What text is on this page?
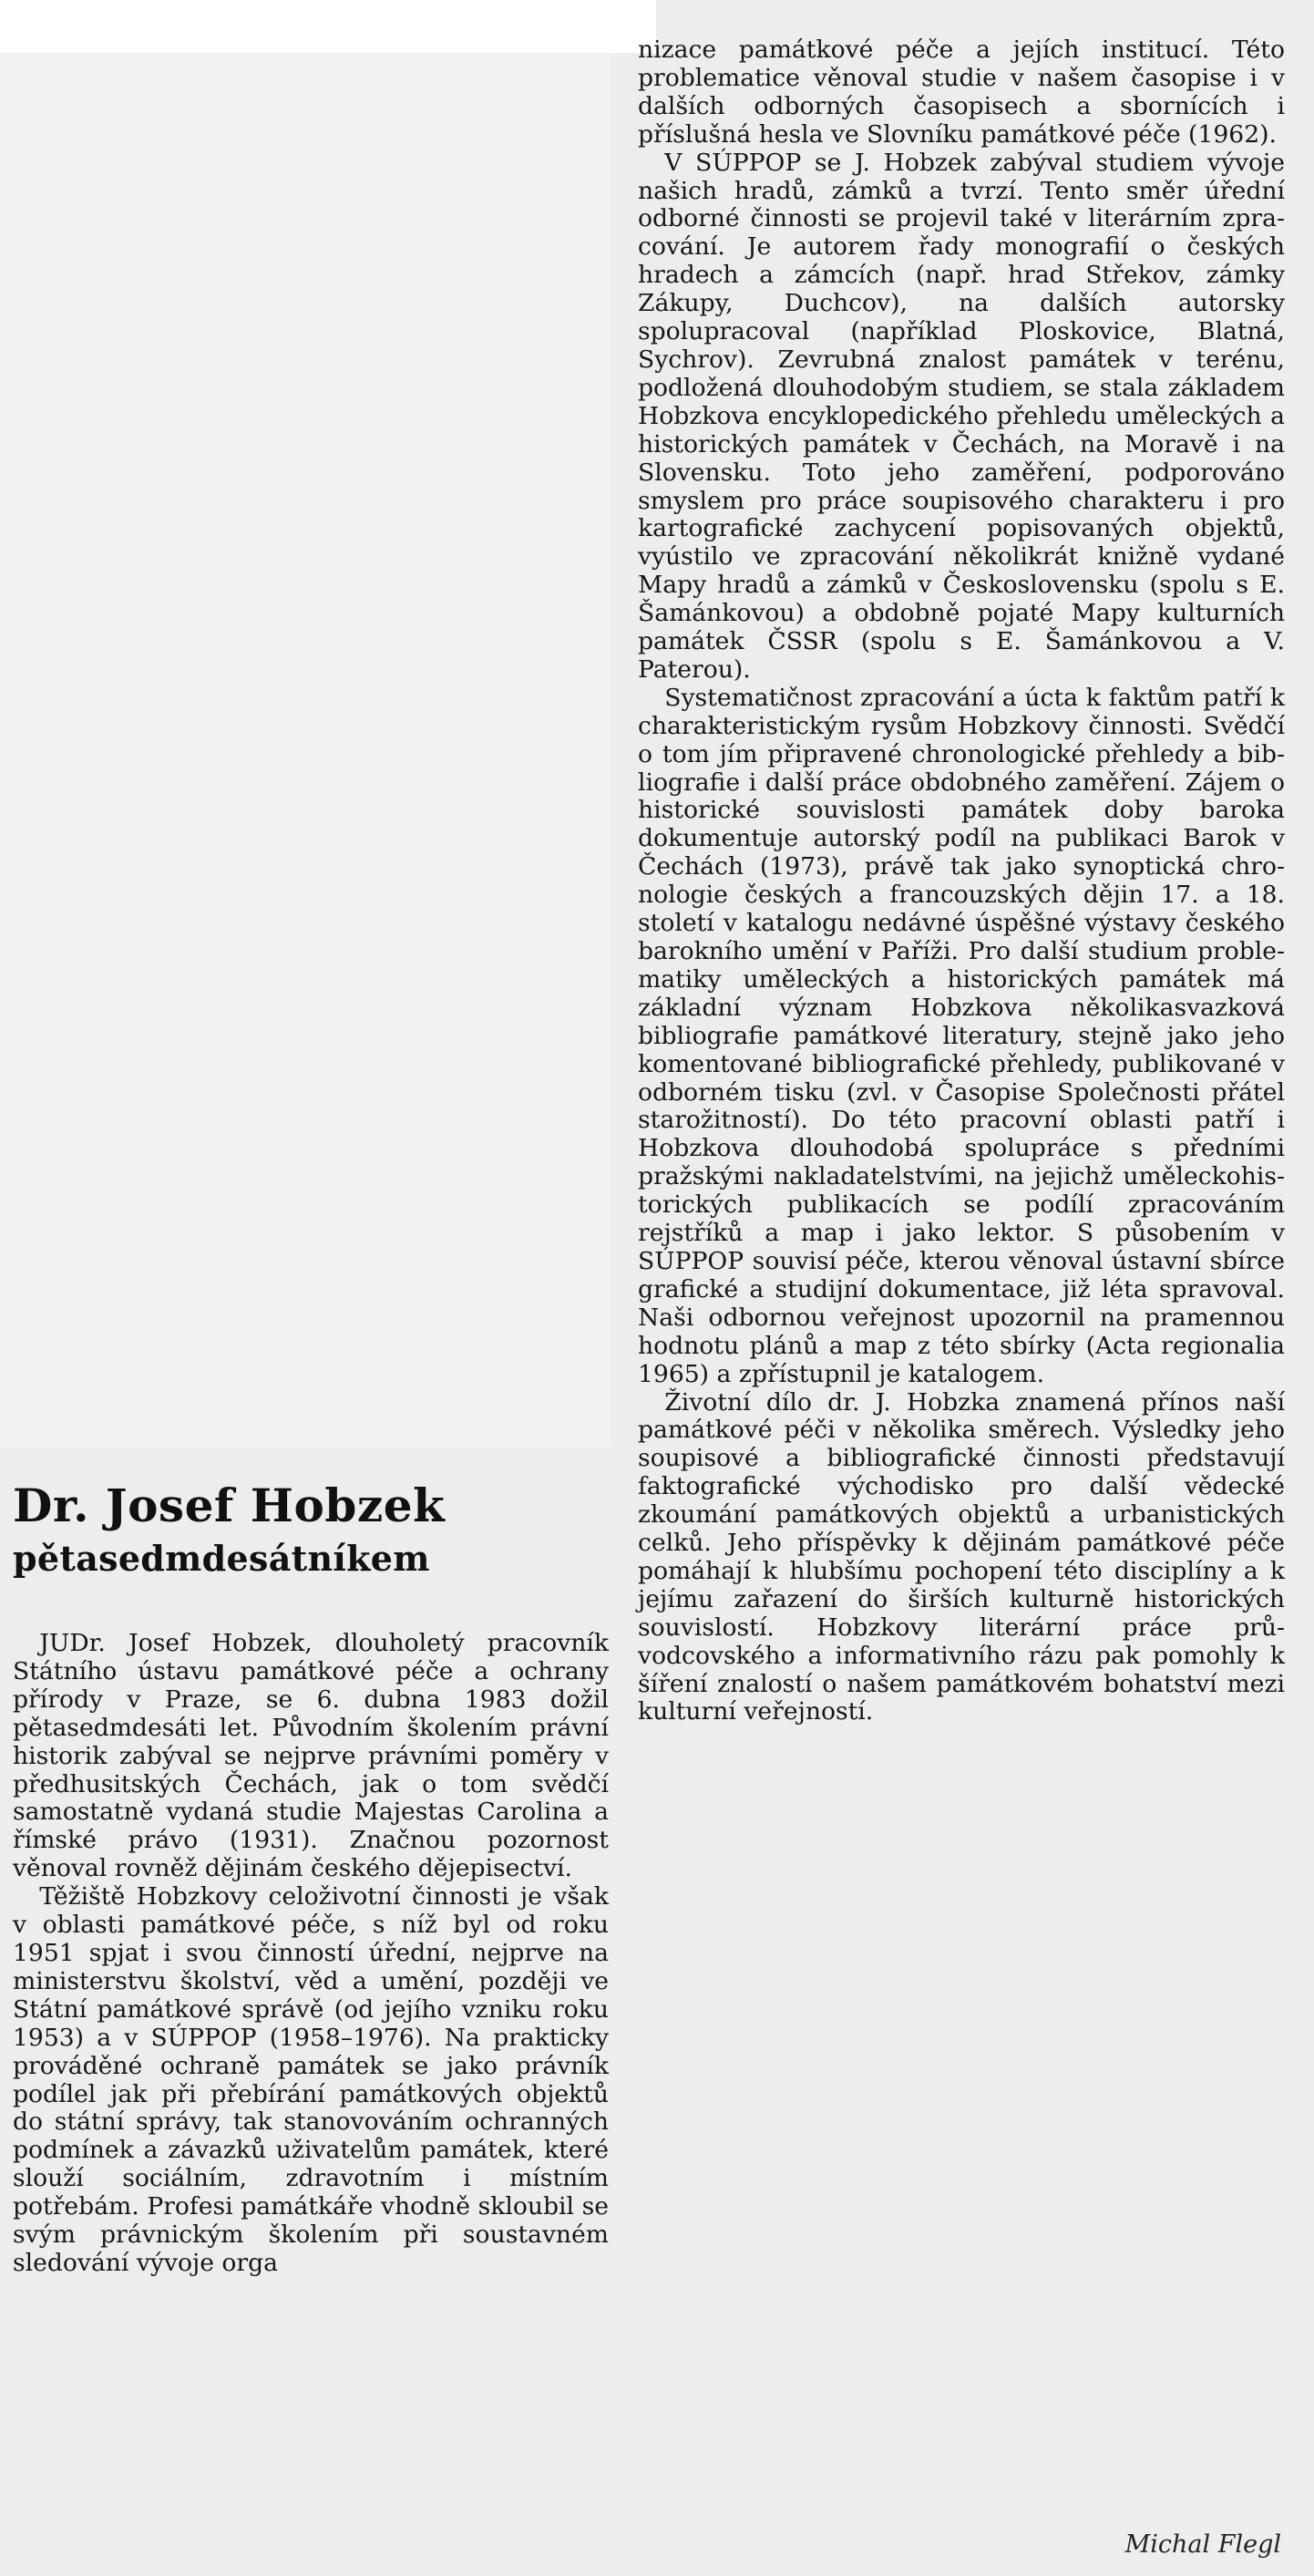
Dr. Josef Hobzek
pětasedmdesátníkem

JUDr. Josef Hobzek, dlouholetý pracovník Státního ústavu památkové péče a ochrany přírody v Praze, se 6. dubna 1983 dožil pětasedmdesáti let. Původním školením právní historik zabýval se nejprve právními poměry v předhusitských Čechách, jak o tom svědčí samostatně vydaná studie Majestas Carolina a římské právo (1931). Značnou pozornost věnoval rovněž dějinám českého dějepisectví.

Těžiště Hobzkovy celoživotní činnosti je však v oblasti památkové péče, s níž byl od roku 1951 spjat i svou činností úřední, nejprve na ministerstvu školství, věd a umění, později ve Státní památkové správě (od jejího vzniku roku 1953) a v SÚPPOP (1958–1976). Na prakticky prováděné ochraně památek se jako právník podílel jak při přebírání památkových objektů do státní správy, tak stanovováním ochranných podmínek a závazků uživatelům památek, které slouží sociálním, zdravotním i místním potřebám. Profesi památkáře vhodně skloubil se svým právnickým školením při soustavném sledování vývoje orga

nizace památkové péče a jejích institucí. Této problematice věnoval studie v našem časopise i v dalších odborných časopisech a sbornících i příslušná hesla ve Slovníku památkové péče (1962).

V SÚPPOP se J. Hobzek zabýval studiem vývoje našich hradů, zámků a tvrzí. Tento směr úřední odborné činnosti se projevil také v literárním zpracování. Je autorem řady monografií o českých hradech a zámcích (např. hrad Střekov, zámky Zákupy, Duchcov), na dalších autorsky spolupracoval (například Ploskovice, Blatná, Sychrov). Zevrubná znalost památek v terénu, podložená dlouhodobým studiem, se stala základem Hobzkova encyklopedického přehledu uměleckých a historických památek v Čechách, na Moravě i na Slovensku. Toto jeho zaměření, podporováno smyslem pro práce soupisového charakteru i pro kartografické zachycení popisovaných objektů, vyústilo ve zpracování několikrát knižně vydané Mapy hradů a zámků v Československu (spolu s E. Šamánkovou) a obdobně pojaté Mapy kulturních památek ČSSR (spolu s E. Šamánkovou a V. Paterou).

Systematičnost zpracování a úcta k faktům patří k charakteristickým rysům Hobzkovy činnosti. Svědčí o tom jím připravené chronologické přehledy a bibliografie i další práce obdobného zaměření. Zájem o historické souvislosti památek doby baroka dokumentuje autorský podíl na publikaci Barok v Čechách (1973), právě tak jako synoptická chronologie českých a francouzských dějin 17. a 18. století v katalogu nedávné úspěšné výstavy českého barokního umění v Paříži. Pro další studium problematiky uměleckých a historických památek má základní význam Hobzkova několikasvazková bibliografie památkové literatury, stejně jako jeho komentované bibliografické přehledy, publikované v odborném tisku (zvl. v Časopise Společnosti přátel starožitností). Do této pracovní oblasti patří i Hobzkova dlouhodobá spolupráce s předními pražskými nakladatelstvími, na jejichž uměleckohistorických publikacích se podílí zpracováním rejstříků a map i jako lektor. S působením v SÚPPOP souvisí péče, kterou věnoval ústavní sbírce grafické a studijní dokumentace, již léta spravoval. Naši odbornou veřejnost upozornil na pramennou hodnotu plánů a map z této sbírky (Acta regionalia 1965) a zpřístupnil je katalogem.

Životní dílo dr. J. Hobzka znamená přínos naší památkové péči v několika směrech. Výsledky jeho soupisové a bibliografické činnosti představují faktografické východisko pro další vědecké zkoumání památkových objektů a urbanistických celků. Jeho příspěvky k dějinám památkové péče pomáhají k hlubšímu pochopení této disciplíny a k jejímu zařazení do širších kulturně historických souvislostí. Hobzkovy literární práce průvodcovského a informativního rázu pak pomohly k šíření znalostí o našem památkovém bohatství mezi kulturní veřejností.

Michal Flegl
